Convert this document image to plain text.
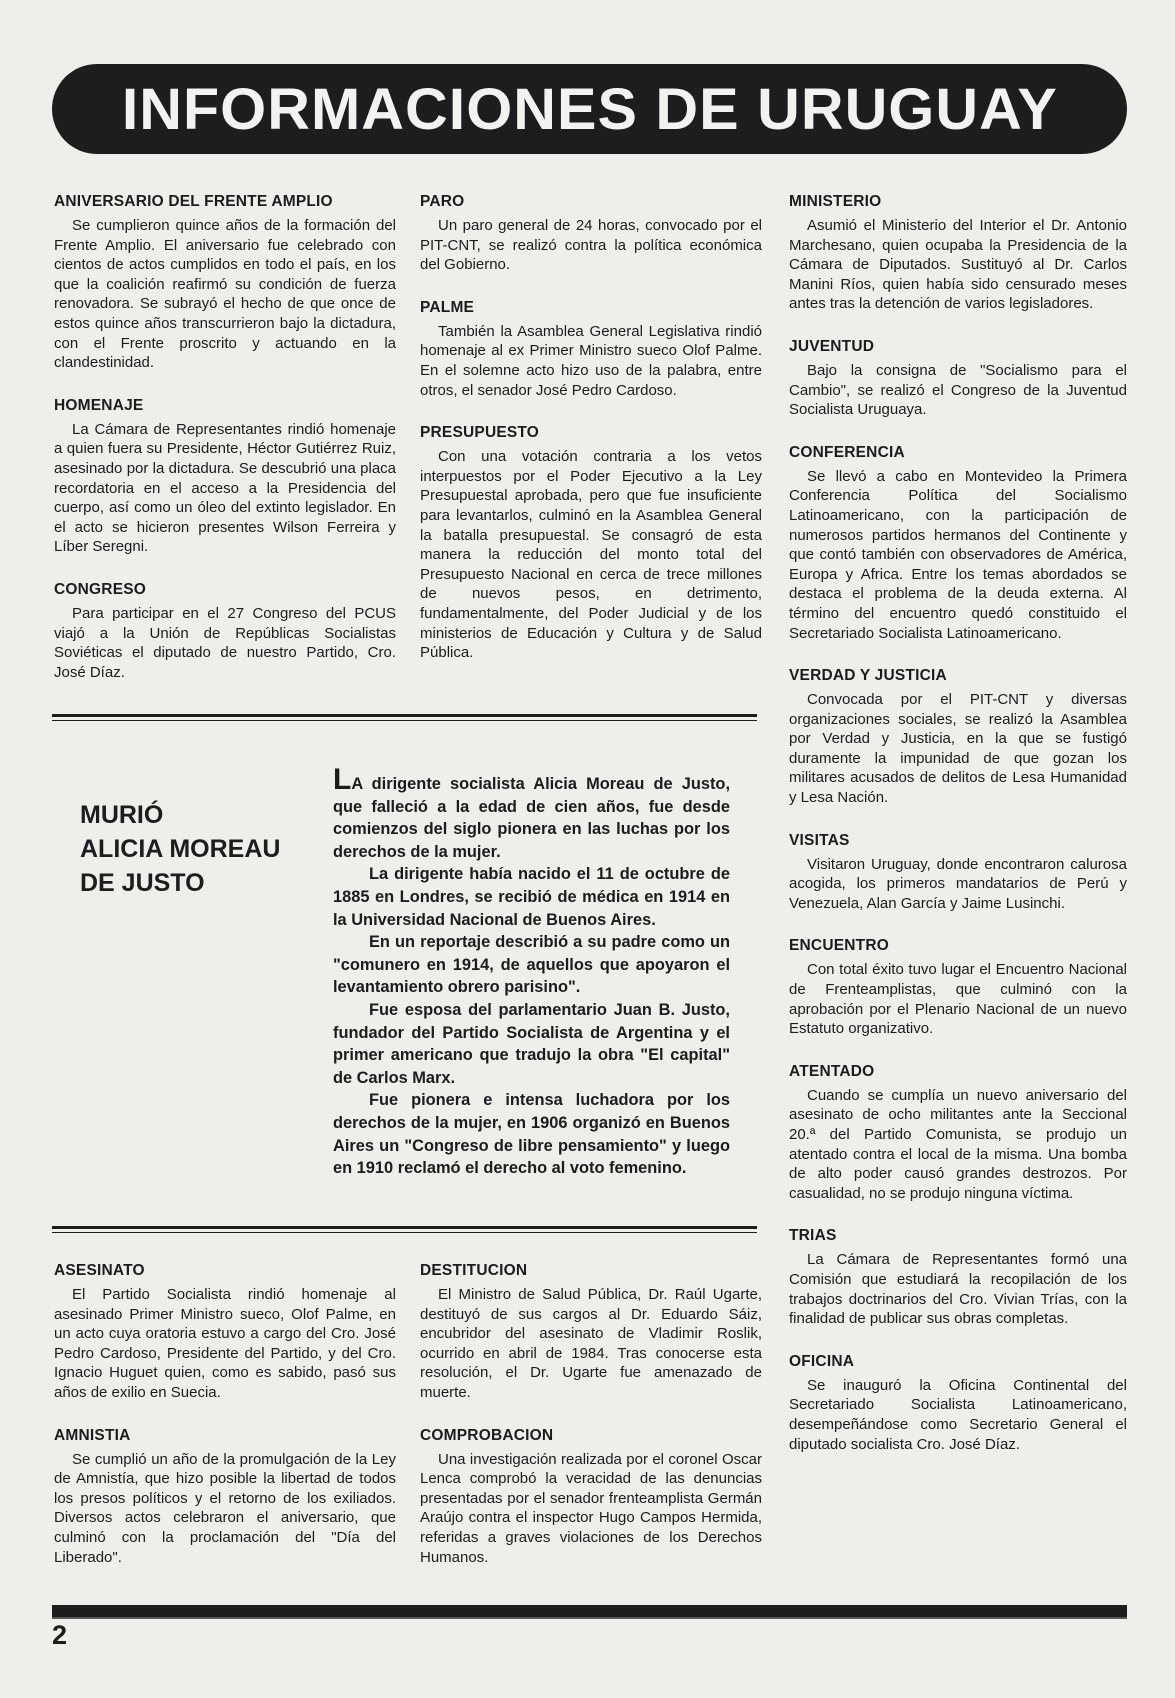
INFORMACIONES DE URUGUAY
ANIVERSARIO DEL FRENTE AMPLIO

Se cumplieron quince años de la formación del Frente Amplio. El aniversario fue celebrado con cientos de actos cumplidos en todo el país, en los que la coalición reafirmó su condición de fuerza renovadora. Se subrayó el hecho de que once de estos quince años transcurrieron bajo la dictadura, con el Frente proscrito y actuando en la clandestinidad.

HOMENAJE

La Cámara de Representantes rindió homenaje a quien fuera su Presidente, Héctor Gutiérrez Ruiz, asesinado por la dictadura. Se descubrió una placa recordatoria en el acceso a la Presidencia del cuerpo, así como un óleo del extinto legislador. En el acto se hicieron presentes Wilson Ferreira y Líber Seregni.

CONGRESO

Para participar en el 27 Congreso del PCUS viajó a la Unión de Repúblicas Socialistas Soviéticas el diputado de nuestro Partido, Cro. José Díaz.

PARO

Un paro general de 24 horas, convocado por el PIT-CNT, se realizó contra la política económica del Gobierno.

PALME

También la Asamblea General Legislativa rindió homenaje al ex Primer Ministro sueco Olof Palme. En el solemne acto hizo uso de la palabra, entre otros, el senador José Pedro Cardoso.

PRESUPUESTO

Con una votación contraria a los vetos interpuestos por el Poder Ejecutivo a la Ley Presupuestal aprobada, pero que fue insuficiente para levantarlos, culminó en la Asamblea General la batalla presupuestal. Se consagró de esta manera la reducción del monto total del Presupuesto Nacional en cerca de trece millones de nuevos pesos, en detrimento, fundamentalmente, del Poder Judicial y de los ministerios de Educación y Cultura y de Salud Pública.

MINISTERIO

Asumió el Ministerio del Interior el Dr. Antonio Marchesano, quien ocupaba la Presidencia de la Cámara de Diputados. Sustituyó al Dr. Carlos Manini Ríos, quien había sido censurado meses antes tras la detención de varios legisladores.

JUVENTUD

Bajo la consigna de "Socialismo para el Cambio", se realizó el Congreso de la Juventud Socialista Uruguaya.

CONFERENCIA

Se llevó a cabo en Montevideo la Primera Conferencia Política del Socialismo Latinoamericano, con la participación de numerosos partidos hermanos del Continente y que contó también con observadores de América, Europa y Africa. Entre los temas abordados se destaca el problema de la deuda externa. Al término del encuentro quedó constituido el Secretariado Socialista Latinoamericano.

VERDAD Y JUSTICIA

Convocada por el PIT-CNT y diversas organizaciones sociales, se realizó la Asamblea por Verdad y Justicia, en la que se fustigó duramente la impunidad de que gozan los militares acusados de delitos de Lesa Humanidad y Lesa Nación.

VISITAS

Visitaron Uruguay, donde encontraron calurosa acogida, los primeros mandatarios de Perú y Venezuela, Alan García y Jaime Lusinchi.

ENCUENTRO

Con total éxito tuvo lugar el Encuentro Nacional de Frenteamplistas, que culminó con la aprobación por el Plenario Nacional de un nuevo Estatuto organizativo.

ATENTADO

Cuando se cumplía un nuevo aniversario del asesinato de ocho militantes ante la Seccional 20.ª del Partido Comunista, se produjo un atentado contra el local de la misma. Una bomba de alto poder causó grandes destrozos. Por casualidad, no se produjo ninguna víctima.

TRIAS

La Cámara de Representantes formó una Comisión que estudiará la recopilación de los trabajos doctrinarios del Cro. Vivian Trías, con la finalidad de publicar sus obras completas.

OFICINA

Se inauguró la Oficina Continental del Secretariado Socialista Latinoamericano, desempeñándose como Secretario General el diputado socialista Cro. José Díaz.

MURIÓ
ALICIA MOREAU
DE JUSTO

LA dirigente socialista Alicia Moreau de Justo, que falleció a la edad de cien años, fue desde comienzos del siglo pionera en las luchas por los derechos de la mujer.

La dirigente había nacido el 11 de octubre de 1885 en Londres, se recibió de médica en 1914 en la Universidad Nacional de Buenos Aires.

En un reportaje describió a su padre como un "comunero en 1914, de aquellos que apoyaron el levantamiento obrero parisino".

Fue esposa del parlamentario Juan B. Justo, fundador del Partido Socialista de Argentina y el primer americano que tradujo la obra "El capital" de Carlos Marx.

Fue pionera e intensa luchadora por los derechos de la mujer, en 1906 organizó en Buenos Aires un "Congreso de libre pensamiento" y luego en 1910 reclamó el derecho al voto femenino.

ASESINATO

El Partido Socialista rindió homenaje al asesinado Primer Ministro sueco, Olof Palme, en un acto cuya oratoria estuvo a cargo del Cro. José Pedro Cardoso, Presidente del Partido, y del Cro. Ignacio Huguet quien, como es sabido, pasó sus años de exilio en Suecia.

AMNISTIA

Se cumplió un año de la promulgación de la Ley de Amnistía, que hizo posible la libertad de todos los presos políticos y el retorno de los exiliados. Diversos actos celebraron el aniversario, que culminó con la proclamación del "Día del Liberado".

DESTITUCION

El Ministro de Salud Pública, Dr. Raúl Ugarte, destituyó de sus cargos al Dr. Eduardo Sáiz, encubridor del asesinato de Vladimir Roslik, ocurrido en abril de 1984. Tras conocerse esta resolución, el Dr. Ugarte fue amenazado de muerte.

COMPROBACION

Una investigación realizada por el coronel Oscar Lenca comprobó la veracidad de las denuncias presentadas por el senador frenteamplista Germán Araújo contra el inspector Hugo Campos Hermida, referidas a graves violaciones de los Derechos Humanos.

2
